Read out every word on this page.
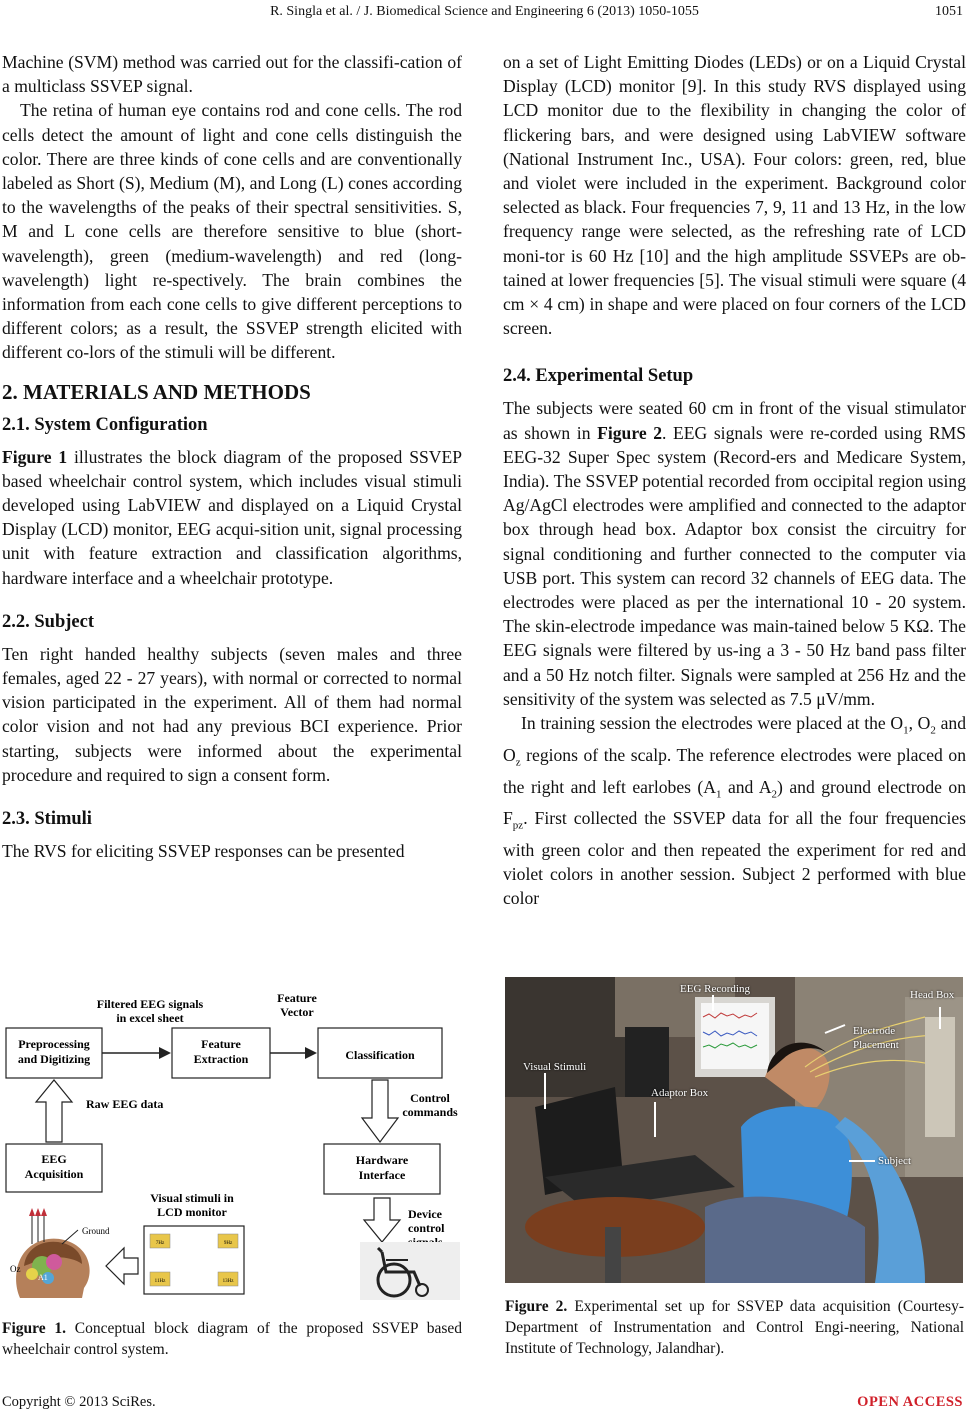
R. Singla et al. / J. Biomedical Science and Engineering 6 (2013) 1050-1055	1051

Machine (SVM) method was carried out for the classifi-cation of a multiclass SSVEP signal.

The retina of human eye contains rod and cone cells. The rod cells detect the amount of light and cone cells distinguish the color. There are three kinds of cone cells and are conventionally labeled as Short (S), Medium (M), and Long (L) cones according to the wavelengths of the peaks of their spectral sensitivities. S, M and L cone cells are therefore sensitive to blue (short-wavelength), green (medium-wavelength) and red (long-wavelength) light re-spectively. The brain combines the information from each cone cells to give different perceptions to different colors; as a result, the SSVEP strength elicited with different co-lors of the stimuli will be different.

2. MATERIALS AND METHODS
2.1. System Configuration

Figure 1 illustrates the block diagram of the proposed SSVEP based wheelchair control system, which includes visual stimuli developed using LabVIEW and displayed on a Liquid Crystal Display (LCD) monitor, EEG acqui-sition unit, signal processing unit with feature extraction and classification algorithms, hardware interface and a wheelchair prototype.

2.2. Subject

Ten right handed healthy subjects (seven males and three females, aged 22 - 27 years), with normal or corrected to normal vision participated in the experiment. All of them had normal color vision and not had any previous BCI experience. Prior starting, subjects were informed about the experimental procedure and required to sign a consent form.

2.3. Stimuli

The RVS for eliciting SSVEP responses can be presented

on a set of Light Emitting Diodes (LEDs) or on a Liquid Crystal Display (LCD) monitor [9]. In this study RVS displayed using LCD monitor due to the flexibility in changing the color of flickering bars, and were designed using LabVIEW software (National Instrument Inc., USA). Four colors: green, red, blue and violet were included in the experiment. Background color selected as black. Four frequencies 7, 9, 11 and 13 Hz, in the low frequency range were selected, as the refreshing rate of LCD moni-tor is 60 Hz [10] and the high amplitude SSVEPs are ob-tained at lower frequencies [5]. The visual stimuli were square (4 cm × 4 cm) in shape and were placed on four corners of the LCD screen.

2.4. Experimental Setup

The subjects were seated 60 cm in front of the visual stimulator as shown in Figure 2. EEG signals were re-corded using RMS EEG-32 Super Spec system (Record-ers and Medicare System, India). The SSVEP potential recorded from occipital region using Ag/AgCl electrodes were amplified and connected to the adaptor box through head box. Adaptor box consist the circuitry for signal conditioning and further connected to the computer via USB port. This system can record 32 channels of EEG data. The electrodes were placed as per the international 10 - 20 system. The skin-electrode impedance was main-tained below 5 KΩ. The EEG signals were filtered by us-ing a 3 - 50 Hz band pass filter and a 50 Hz notch filter. Signals were sampled at 256 Hz and the sensitivity of the system was selected as 7.5 μV/mm.

In training session the electrodes were placed at the $O_1$, $O_2$ and $O_z$ regions of the scalp. The reference electrodes were placed on the right and left earlobes ($A_1$ and $A_2$) and ground electrode on $F_{pz}$. First collected the SSVEP data for all the four frequencies with green color and then repeated the experiment for red and violet colors in another session. Subject 2 performed with blue color

Filtered EEG signals
in excel sheet
Feature
Vector
Preprocessing
and Digitizing
Feature
Extraction	Classification
Raw EEG data	Control
commands
EEG
Acquisition
Hardware
Interface
Device
control
Visual stimuli in
LCD monitor
7Hz	9Hz
11Hz	13Hz
Ground
Oz
A1
Figure 1. Conceptual block diagram of the proposed SSVEP based wheelchair control system.
EEG Recording	Head Box
Electrode
Placement
Visual Stimuli
Adaptor Box
Subject
Figure 2. Experimental set up for SSVEP data acquisition (Courtesy-Department of Instrumentation and Control Engi-neering, National Institute of Technology, Jalandhar).
Copyright © 2013 SciRes.	OPEN ACCESS
